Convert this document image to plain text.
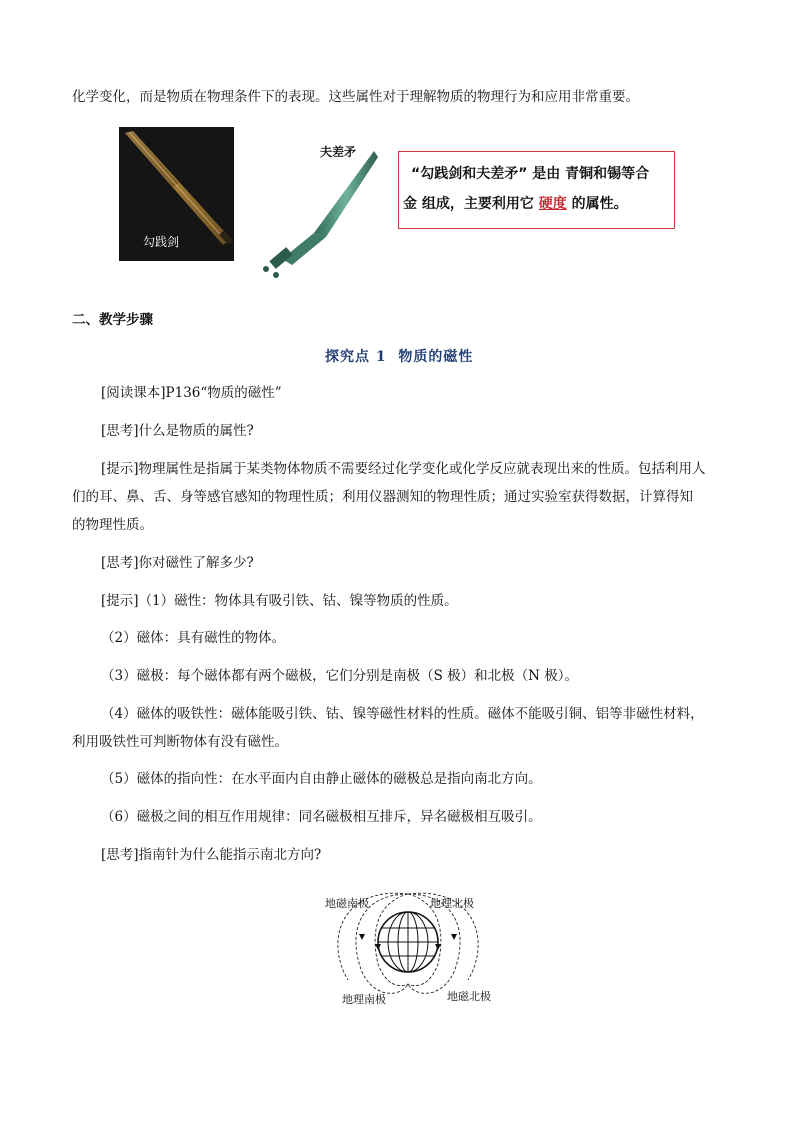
化学变化，而是物质在物理条件下的表现。这些属性对于理解物质的物理行为和应用非常重要。
勾践剑
夫差矛
“勾践剑和夫差矛” 是由 青铜和锡等合
金 组成，主要利用它 硬度 的属性。
二、教学步骤
探究点 1  物质的磁性
[阅读课本]P136“物质的磁性”
[思考]什么是物质的属性?
[提示]物理属性是指属于某类物体物质不需要经过化学变化或化学反应就表现出来的性质。包括利用人
们的耳、鼻、舌、身等感官感知的物理性质；利用仪器测知的物理性质；通过实验室获得数据，计算得知
的物理性质。
[思考]你对磁性了解多少?
[提示]（1）磁性：物体具有吸引铁、钴、镍等物质的性质。
（2）磁体：具有磁性的物体。
（3）磁极：每个磁体都有两个磁极，它们分别是南极（S 极）和北极（N 极）。
（4）磁体的吸铁性：磁体能吸引铁、钴、镍等磁性材料的性质。磁体不能吸引铜、铝等非磁性材料，
利用吸铁性可判断物体有没有磁性。
（5）磁体的指向性：在水平面内自由静止磁体的磁极总是指向南北方向。
（6）磁极之间的相互作用规律：同名磁极相互排斥，异名磁极相互吸引。
[思考]指南针为什么能指示南北方向?
地磁南极	地理北极
地理南极	地磁北极
